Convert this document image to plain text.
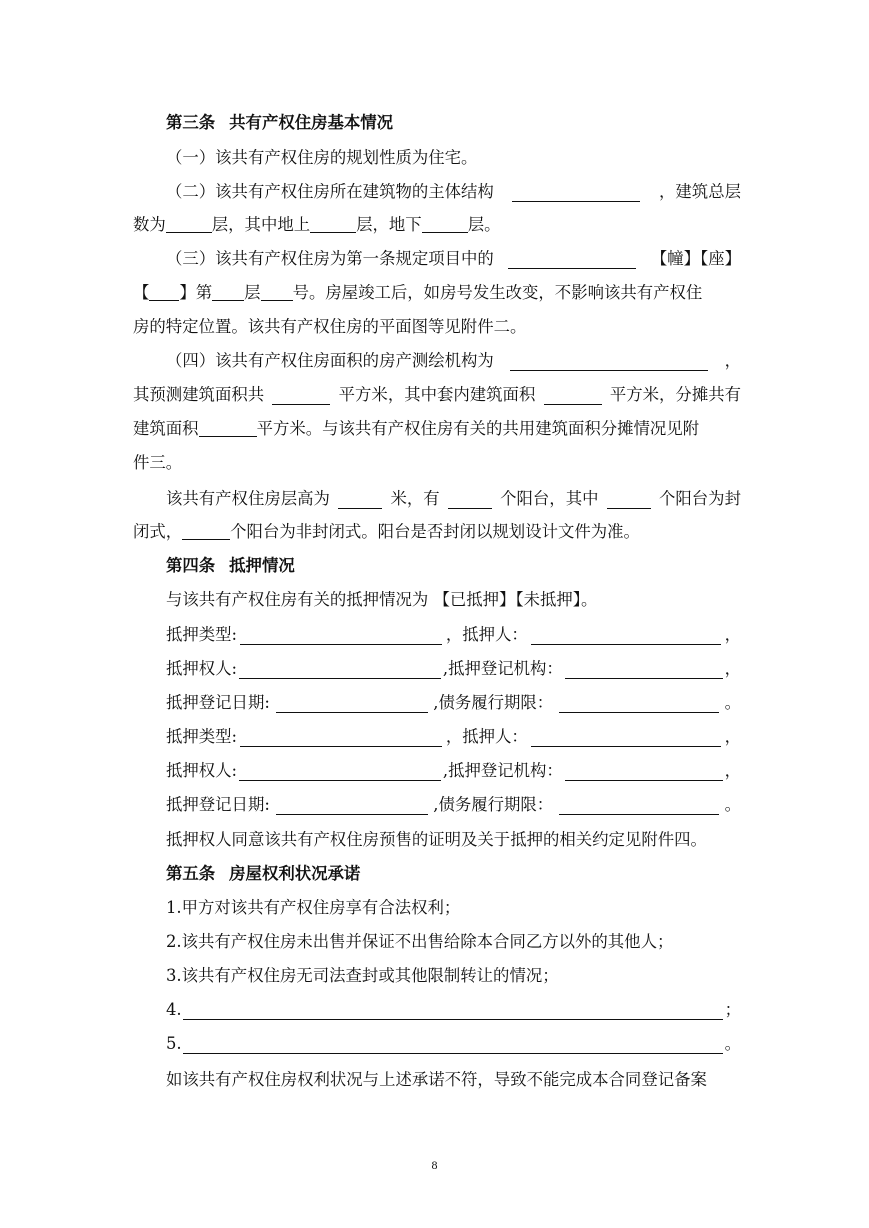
第三条 共有产权住房基本情况
（一）该共有产权住房的规划性质为住宅。
（二）该共有产权住房所在建筑物的主体结构	，建筑总层
数为	层，其中地上	层，地下	层。
（三）该共有产权住房为第一条规定项目中的	【幢】【座】
【 】第 层 号。房屋竣工后，如房号发生改变，不影响该共有产权住
房的特定位置。该共有产权住房的平面图等见附件二。
（四）该共有产权住房面积的房产测绘机构为	，
其预测建筑面积共	平方米，其中套内建筑面积	平方米，分摊共有
建筑面积	平方米。与该共有产权住房有关的共用建筑面积分摊情况见附
件三。
该共有产权住房层高为	米，有	个阳台，其中	个阳台为封
闭式，	个阳台为非封闭式。阳台是否封闭以规划设计文件为准。
第四条 抵押情况
与该共有产权住房有关的抵押情况为 【已抵押】【未抵押】。
抵押类型:	，抵押人：	，
抵押权人:	,抵押登记机构：	，
抵押登记日期:	,债务履行期限：	。
抵押类型:	，抵押人：	，
抵押权人:	,抵押登记机构：	，
抵押登记日期:	,债务履行期限：	。
抵押权人同意该共有产权住房预售的证明及关于抵押的相关约定见附件四。
第五条 房屋权利状况承诺
1.甲方对该共有产权住房享有合法权利；
2.该共有产权住房未出售并保证不出售给除本合同乙方以外的其他人；
3.该共有产权住房无司法查封或其他限制转让的情况；
4.	；
5.	。
如该共有产权住房权利状况与上述承诺不符，导致不能完成本合同登记备案
8
